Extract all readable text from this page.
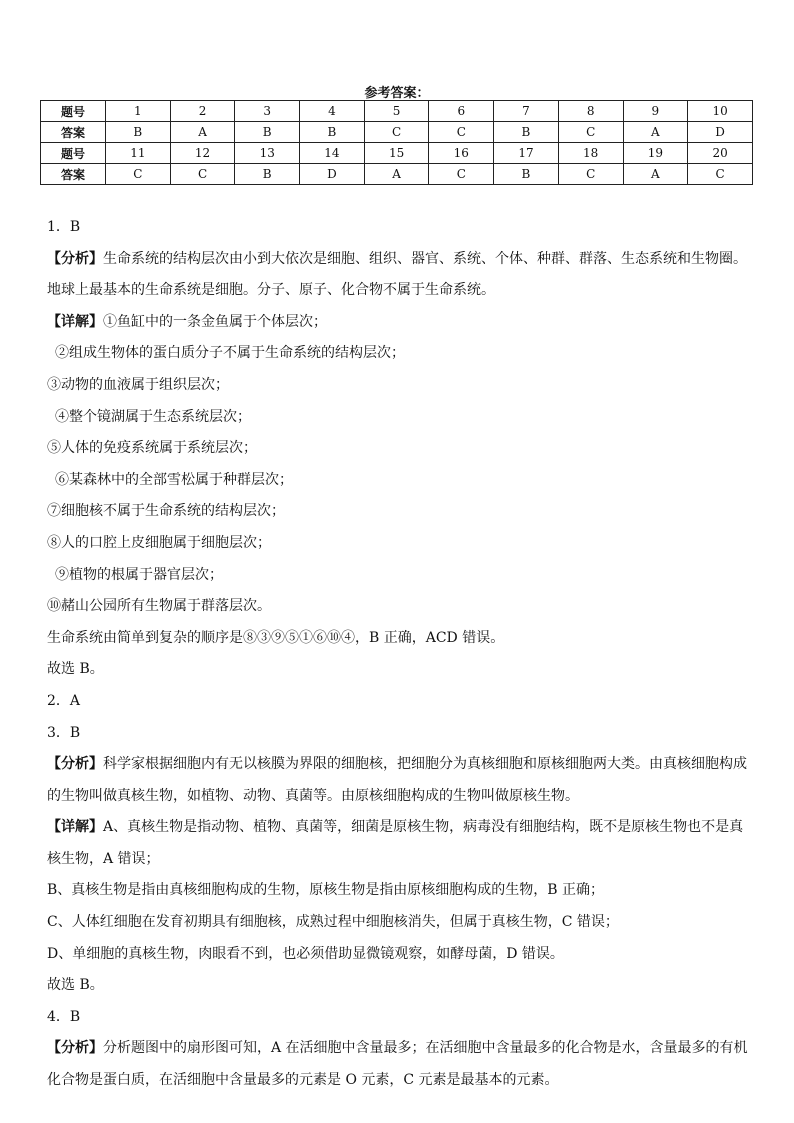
参考答案：
题号	1	2	3	4	5	6	7	8	9	10
答案	B	A	B	B	C	C	B	C	A	D
题号	11	12	13	14	15	16	17	18	19	20
答案	C	C	B	D	A	C	B	C	A	C
1．B
【分析】生命系统的结构层次由小到大依次是细胞、组织、器官、系统、个体、种群、群落、生态系统和生物圈。
地球上最基本的生命系统是细胞。分子、原子、化合物不属于生命系统。
【详解】①鱼缸中的一条金鱼属于个体层次；
②组成生物体的蛋白质分子不属于生命系统的结构层次；
③动物的血液属于组织层次；
④整个镜湖属于生态系统层次；
⑤人体的免疫系统属于系统层次；
⑥某森林中的全部雪松属于种群层次；
⑦细胞核不属于生命系统的结构层次；
⑧人的口腔上皮细胞属于细胞层次；
⑨植物的根属于器官层次；
⑩赭山公园所有生物属于群落层次。
生命系统由简单到复杂的顺序是⑧③⑨⑤①⑥⑩④，B 正确，ACD 错误。
故选 B。
2．A
3．B
【分析】科学家根据细胞内有无以核膜为界限的细胞核，把细胞分为真核细胞和原核细胞两大类。由真核细胞构成
的生物叫做真核生物，如植物、动物、真菌等。由原核细胞构成的生物叫做原核生物。
【详解】A、真核生物是指动物、植物、真菌等，细菌是原核生物，病毒没有细胞结构，既不是原核生物也不是真
核生物，A 错误；
B、真核生物是指由真核细胞构成的生物，原核生物是指由原核细胞构成的生物，B 正确；
C、人体红细胞在发育初期具有细胞核，成熟过程中细胞核消失，但属于真核生物，C 错误；
D、单细胞的真核生物，肉眼看不到，也必须借助显微镜观察，如酵母菌，D 错误。
故选 B。
4．B
【分析】分析题图中的扇形图可知，A 在活细胞中含量最多；在活细胞中含量最多的化合物是水，含量最多的有机
化合物是蛋白质，在活细胞中含量最多的元素是 O 元素，C 元素是最基本的元素。
